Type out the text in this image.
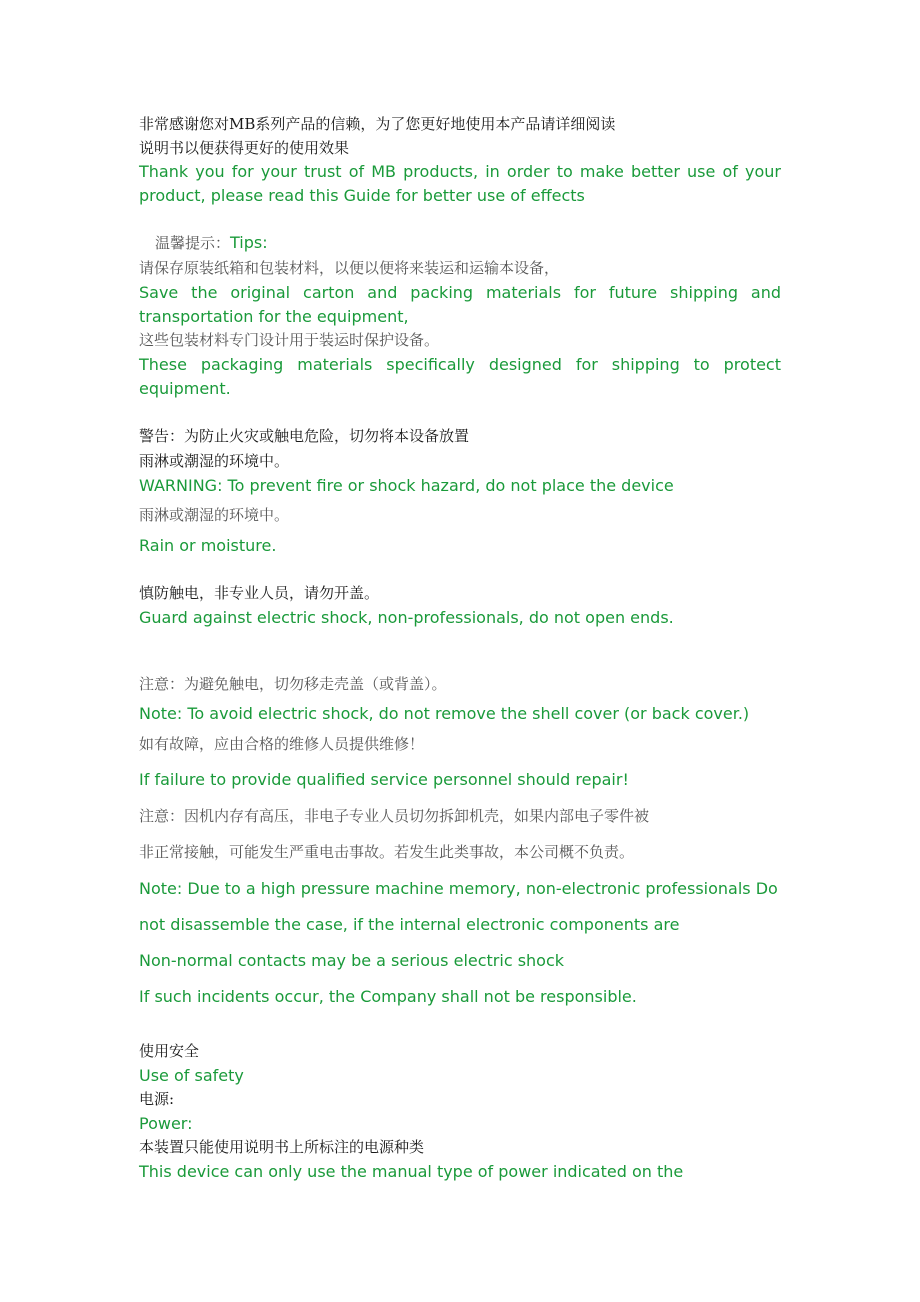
非常感谢您对MB系列产品的信赖，为了您更好地使用本产品请详细阅读

说明书以便获得更好的使用效果

Thank you for your trust of MB products, in order to make better use of your

product, please read this Guide for better use of effects

温馨提示：Tips:

请保存原装纸箱和包装材料，以便以便将来装运和运输本设备，

Save the original carton and packing materials for future shipping and

transportation for the equipment,

这些包装材料专门设计用于装运时保护设备。

These packaging materials specifically designed for shipping to protect

equipment.

警告：为防止火灾或触电危险，切勿将本设备放置

雨淋或潮湿的环境中。

WARNING: To prevent fire or shock hazard, do not place the device

雨淋或潮湿的环境中。

Rain or moisture.

慎防触电，非专业人员，请勿开盖。

Guard against electric shock, non-professionals, do not open ends.

注意：为避免触电，切勿移走壳盖（或背盖）。

Note: To avoid electric shock, do not remove the shell cover (or back cover.)

如有故障，应由合格的维修人员提供维修！

If failure to provide qualified service personnel should repair!

注意：因机内存有高压，非电子专业人员切勿拆卸机壳，如果内部电子零件被

非正常接触，可能发生严重电击事故。若发生此类事故，本公司概不负责。

Note: Due to a high pressure machine memory, non-electronic professionals Do

not disassemble the case, if the internal electronic components are

Non-normal contacts may be a serious electric shock

If such incidents occur, the Company shall not be responsible.

使用安全

Use of safety

电源:

Power:

本装置只能使用说明书上所标注的电源种类

This device can only use the manual type of power indicated on the
